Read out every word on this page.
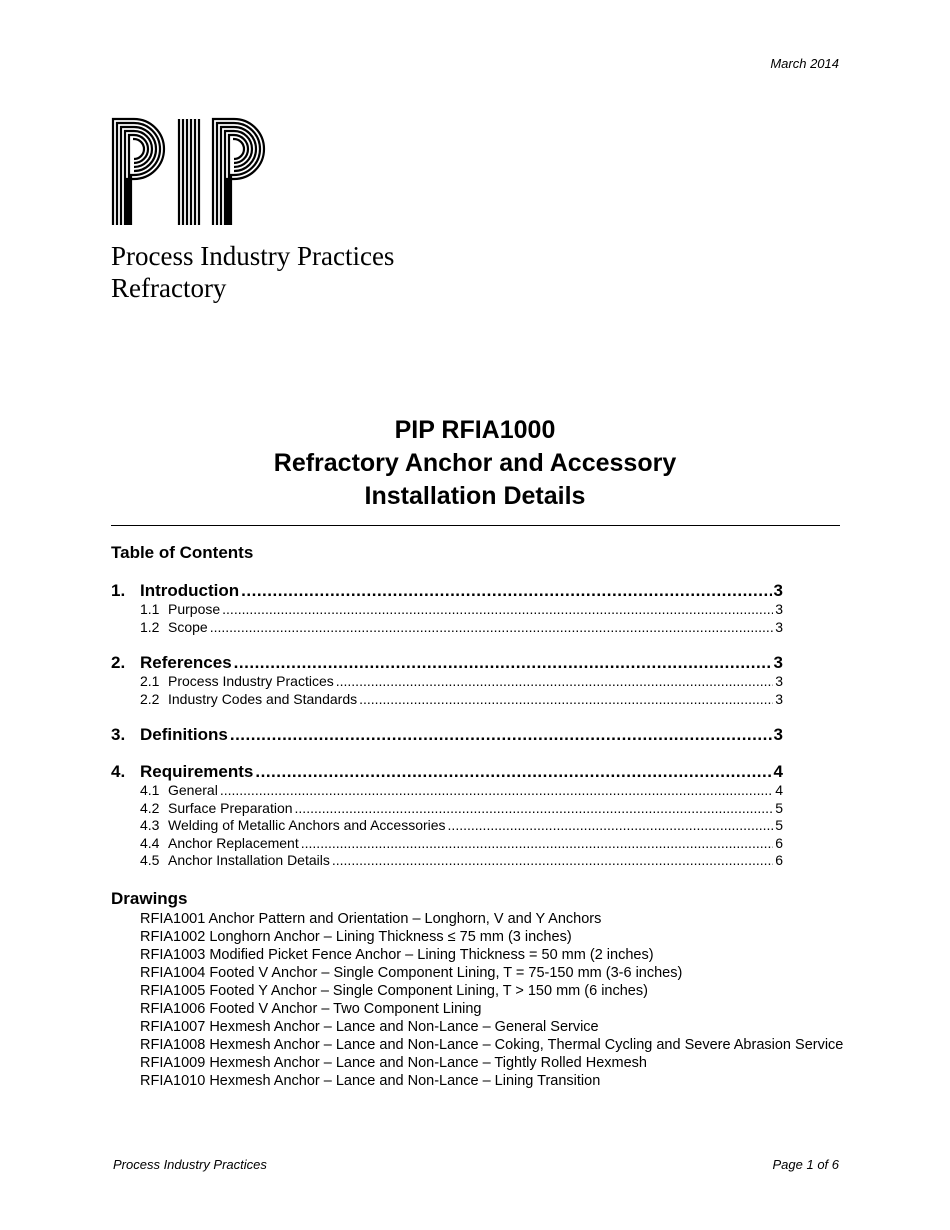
March 2014
Process Industry Practices
Refractory
PIP RFIA1000
Refractory Anchor and Accessory
Installation Details
Table of Contents
1. Introduction .....	3
1.1 Purpose .....	3
1.2 Scope .....	3
2. References .....	3
2.1 Process Industry Practices .....	3
2.2 Industry Codes and Standards .....	3
3. Definitions .....	3
4. Requirements .....	4
4.1 General .....	4
4.2 Surface Preparation .....	5
4.3 Welding of Metallic Anchors and Accessories .....	5
4.4 Anchor Replacement .....	6
4.5 Anchor Installation Details .....	6
Drawings
RFIA1001 Anchor Pattern and Orientation – Longhorn, V and Y Anchors
RFIA1002 Longhorn Anchor – Lining Thickness ≤ 75 mm (3 inches)
RFIA1003 Modified Picket Fence Anchor – Lining Thickness = 50 mm (2 inches)
RFIA1004 Footed V Anchor – Single Component Lining, T = 75-150 mm (3-6 inches)
RFIA1005 Footed Y Anchor – Single Component Lining, T > 150 mm (6 inches)
RFIA1006 Footed V Anchor – Two Component Lining
RFIA1007 Hexmesh Anchor – Lance and Non-Lance – General Service
RFIA1008 Hexmesh Anchor – Lance and Non-Lance – Coking, Thermal Cycling and Severe Abrasion Service
RFIA1009 Hexmesh Anchor – Lance and Non-Lance – Tightly Rolled Hexmesh
RFIA1010 Hexmesh Anchor – Lance and Non-Lance – Lining Transition
Process Industry Practices	Page 1 of 6
